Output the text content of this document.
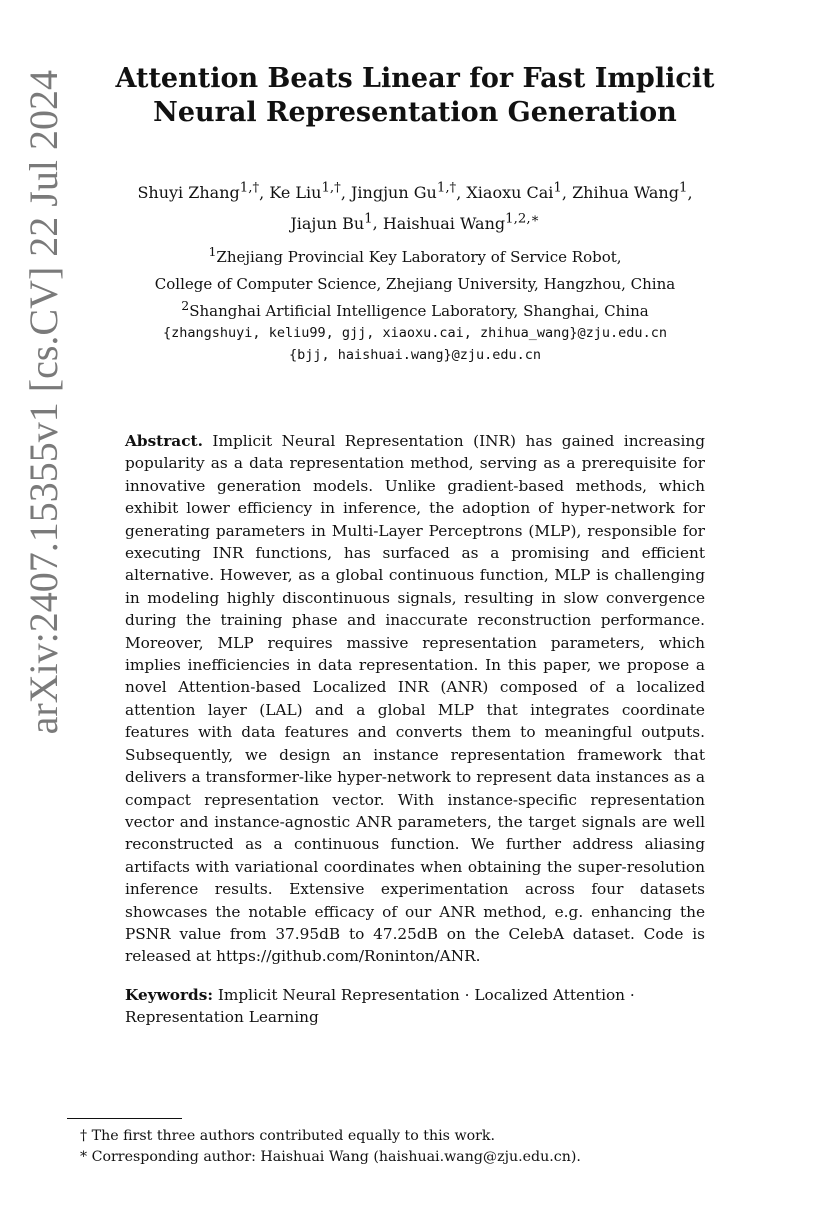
arXiv:2407.15355v1 [cs.CV] 22 Jul 2024	Attention Beats Linear for Fast Implicit Neural Representation Generation
Shuyi Zhang$^{1,\dagger}$, Ke Liu$^{1,\dagger}$, Jingjun $Gu^{1,\dagger}$, Xiaoxu Cai$^1$, Zhihua Wang$^1$,
Jiajun Bu$^1$, Haishuai Wang$^{1,2,∗}$
$^1$Zhejiang Provincial Key Laboratory of Service Robot,
College of Computer Science, Zhejiang University, Hangzhou, China
$^2$Shanghai Artificial Intelligence Laboratory, Shanghai, China
{zhangshuyi, keliu99, gjj, xiaoxu.cai, zhihua_wang}@zju.edu.cn
{bjj, haishuai.wang}@zju.edu.cn

Abstract. Implicit Neural Representation (INR) has gained increasing popularity as a data representation method, serving as a prerequisite for innovative generation models. Unlike gradient-based methods, which exhibit lower efficiency in inference, the adoption of hyper-network for generating parameters in Multi-Layer Perceptrons (MLP), responsible for executing INR functions, has surfaced as a promising and efficient alternative. However, as a global continuous function, MLP is challenging in modeling highly discontinuous signals, resulting in slow convergence during the training phase and inaccurate reconstruction performance. Moreover, MLP requires massive representation parameters, which implies inefficiencies in data representation. In this paper, we propose a novel Attention-based Localized INR (ANR) composed of a localized attention layer (LAL) and a global MLP that integrates coordinate features with data features and converts them to meaningful outputs. Subsequently, we design an instance representation framework that delivers a transformer-like hyper-network to represent data instances as a compact representation vector. With instance-specific representation vector and instance-agnostic ANR parameters, the target signals are well reconstructed as a continuous function. We further address aliasing artifacts with variational coordinates when obtaining the super-resolution inference results. Extensive experimentation across four datasets showcases the notable efficacy of our ANR method, e.g. enhancing the PSNR value from 37.95dB to 47.25dB on the CelebA dataset. Code is released at https://github.com/Roninton/ANR.

Keywords: Implicit Neural Representation · Localized Attention · Representation Learning

† The first three authors contributed equally to this work.
* Corresponding author: Haishuai Wang (haishuai.wang@zju.edu.cn).
